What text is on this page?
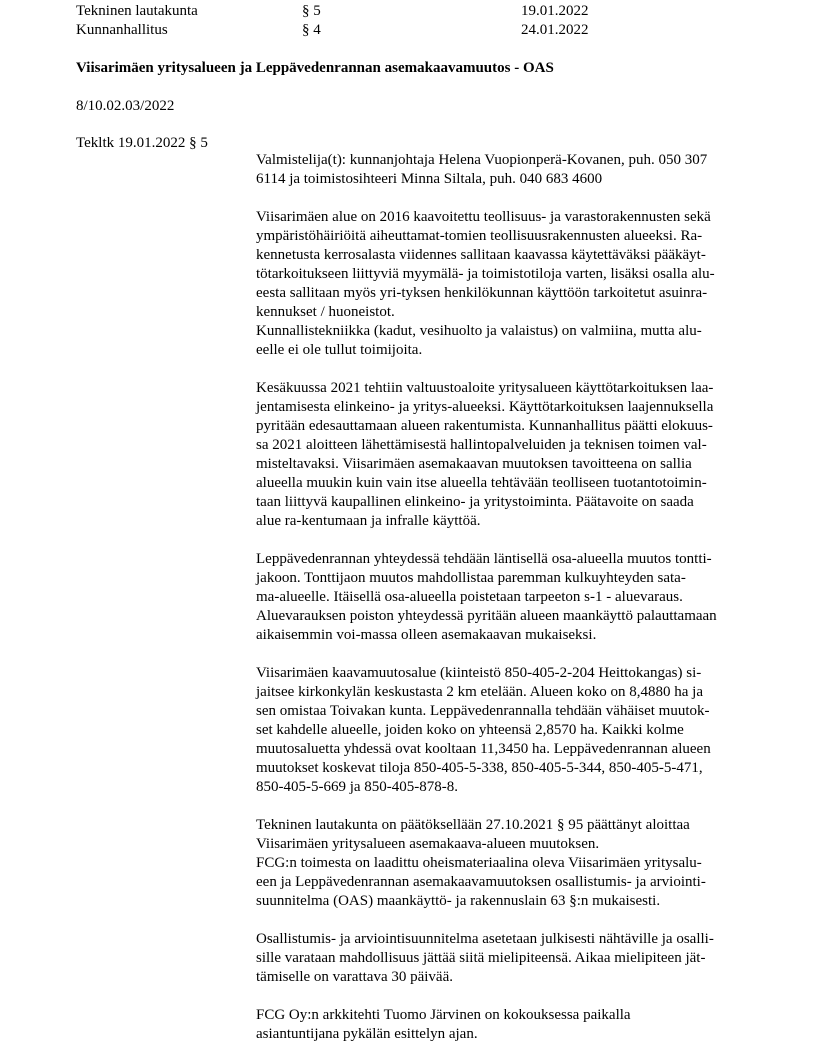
Tekninen lautakunta	§ 5	19.01.2022
Kunnanhallitus	§ 4	24.01.2022
Viisarimäen yritysalueen ja Leppävedenrannan asemakaavamuutos - OAS
8/10.02.03/2022
Tekltk 19.01.2022 § 5
Valmistelija(t): kunnanjohtaja Helena Vuopionperä-Kovanen, puh. 050 307
6114 ja toimistosihteeri Minna Siltala, puh. 040 683 4600
Viisarimäen alue on 2016 kaavoitettu teollisuus- ja varastorakennusten sekä
ympäristöhäiriöitä aiheuttamat-tomien teollisuusrakennusten alueeksi. Ra-
kennetusta kerrosalasta viidennes sallitaan kaavassa käytettäväksi pääkäyt-
tötarkoitukseen liittyviä myymälä- ja toimistotiloja varten, lisäksi osalla alu-
eesta sallitaan myös yri-tyksen henkilökunnan käyttöön tarkoitetut asuinra-
kennukset / huoneistot.
Kunnallistekniikka (kadut, vesihuolto ja valaistus) on valmiina, mutta alu-
eelle ei ole tullut toimijoita.
Kesäkuussa 2021 tehtiin valtuustoaloite yritysalueen käyttötarkoituksen laa-
jentamisesta elinkeino- ja yritys-alueeksi. Käyttötarkoituksen laajennuksella
pyritään edesauttamaan alueen rakentumista. Kunnanhallitus päätti elokuus-
sa 2021 aloitteen lähettämisestä hallintopalveluiden ja teknisen toimen val-
misteltavaksi. Viisarimäen asemakaavan muutoksen tavoitteena on sallia
alueella muukin kuin vain itse alueella tehtävään teolliseen tuotantotoimin-
taan liittyvä kaupallinen elinkeino- ja yritystoiminta. Päätavoite on saada
alue ra-kentumaan ja infralle käyttöä.
Leppävedenrannan yhteydessä tehdään läntisellä osa-alueella muutos tontti-
jakoon. Tonttijaon muutos mahdollistaa paremman kulkuyhteyden sata-
ma-alueelle. Itäisellä osa-alueella poistetaan tarpeeton s-1 - aluevaraus.
Aluevarauksen poiston yhteydessä pyritään alueen maankäyttö palauttamaan
aikaisemmin voi-massa olleen asemakaavan mukaiseksi.
Viisarimäen kaavamuutosalue (kiinteistö 850-405-2-204 Heittokangas) si-
jaitsee kirkonkylän keskustasta 2 km etelään. Alueen koko on 8,4880 ha ja
sen omistaa Toivakan kunta. Leppävedenrannalla tehdään vähäiset muutok-
set kahdelle alueelle, joiden koko on yhteensä 2,8570 ha. Kaikki kolme
muutosaluetta yhdessä ovat kooltaan 11,3450 ha. Leppävedenrannan alueen
muutokset koskevat tiloja 850-405-5-338, 850-405-5-344, 850-405-5-471,
850-405-5-669 ja 850-405-878-8.
Tekninen lautakunta on päätöksellään 27.10.2021 § 95 päättänyt aloittaa
Viisarimäen yritysalueen asemakaava-alueen muutoksen.
FCG:n toimesta on laadittu oheismateriaalina oleva Viisarimäen yritysalu-
een ja Leppävedenrannan asemakaavamuutoksen osallistumis- ja arviointi-
suunnitelma (OAS) maankäyttö- ja rakennuslain 63 §:n mukaisesti.
Osallistumis- ja arviointisuunnitelma asetetaan julkisesti nähtäville ja osalli-
sille varataan mahdollisuus jättää siitä mielipiteensä. Aikaa mielipiteen jät-
tämiselle on varattava 30 päivää.
FCG Oy:n arkkitehti Tuomo Järvinen on kokouksessa paikalla
asiantuntijana pykälän esittelyn ajan.
